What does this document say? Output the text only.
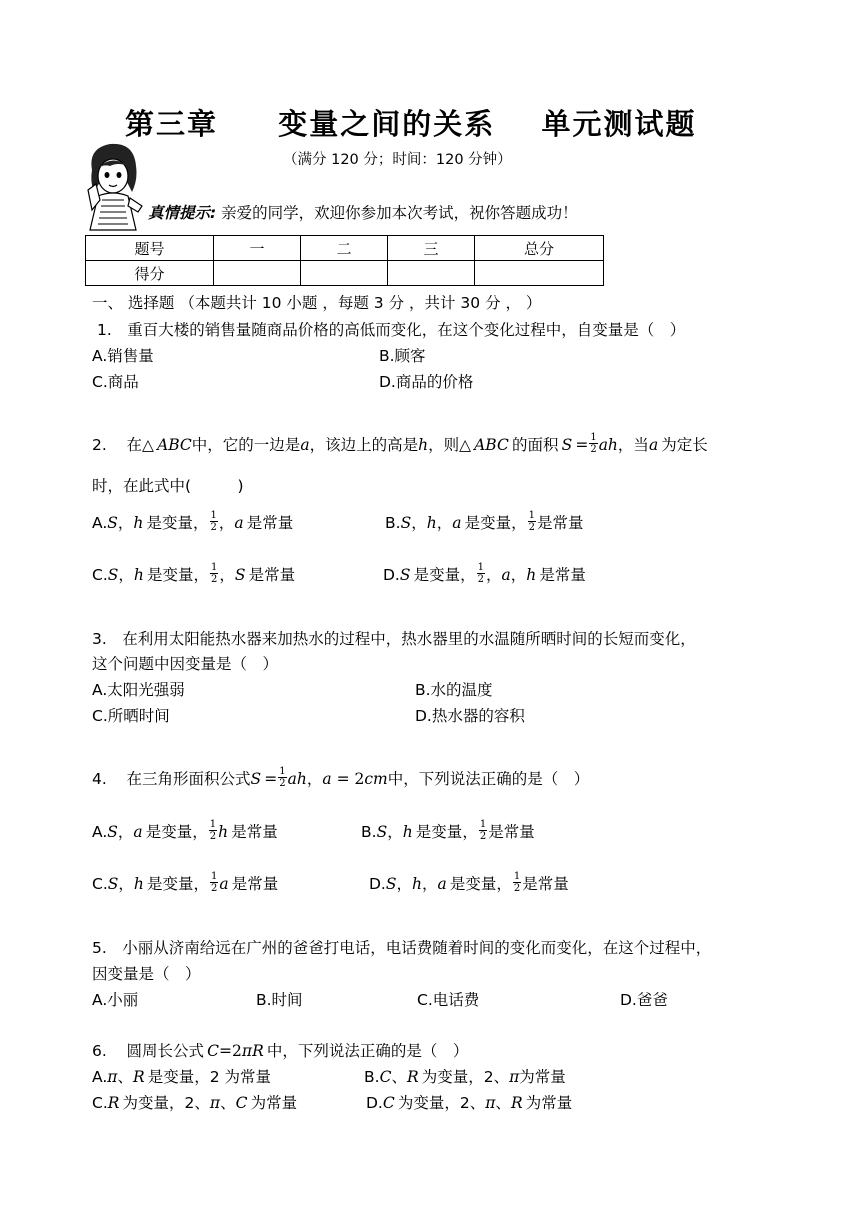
第三章 变量之间的关系 单元测试题
（满分 120 分；时间：120 分钟）
真情提示: 亲爱的同学，欢迎你参加本次考试，祝你答题成功！
题号	一	二	三	总分
得分				
一、 选择题 （本题共计 10 小题 ，每题 3 分 ，共计 30 分 ， ）
1.　重百大楼的销售量随商品价格的高低而变化，在这个变化过程中，自变量是（　）
A.销售量	B.顾客
C.商品	D.商品的价格
2. 在△  ABC中，它的一边是a，该边上的高是h，则△  ABC  的面积  $S = \frac{1}{2}$ ah，当a  为定长
时，在此式中(　　　)
A.S，h  是变量， $\frac{1}{2}$ ，a  是常量	B.S，h，a  是变量， $\frac{1}{2}$ 是常量
C.S，h  是变量， $\frac{1}{2}$ ，S  是常量	D.S  是变量， $\frac{1}{2}$ ，a，h  是常量
3.　在利用太阳能热水器来加热水的过程中，热水器里的水温随所晒时间的长短而变化，
这个问题中因变量是（　）
A.太阳光强弱	B.水的温度
C.所晒时间	D.热水器的容积
4. 在三角形面积公式$S = \frac{1}{2}$ ah，a = 2cm中，下列说法正确的是（　）
A.S，a  是变量， $\frac{1}{2}$ h  是常量	B.S，h  是变量， $\frac{1}{2}$ 是常量
C.S，h  是变量， $\frac{1}{2}$ a  是常量	D.S，h，a  是变量， $\frac{1}{2}$ 是常量
5.　小丽从济南给远在广州的爸爸打电话，电话费随着时间的变化而变化，在这个过程中，
因变量是（　）
A.小丽	B.时间	C.电话费	D.爸爸
6. 圆周长公式  C=2πR  中，下列说法正确的是（　）
A.π、R  是变量，2 为常量	B.C、R  为变量，2、π为常量
C.R  为变量，2、π、C  为常量	D.C  为变量，2、π、R  为常量
